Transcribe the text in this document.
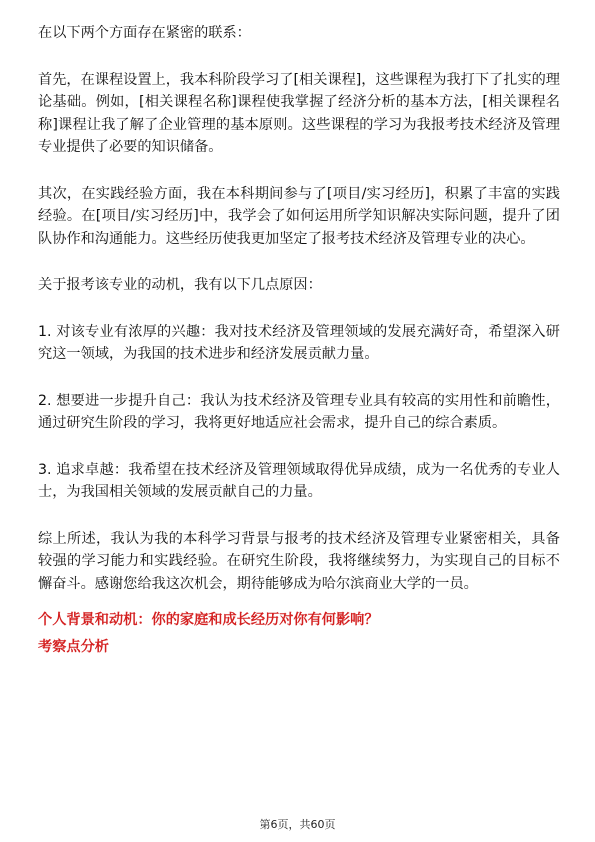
在以下两个方面存在紧密的联系：

首先，在课程设置上，我本科阶段学习了[相关课程]，这些课程为我打下了扎实的理论基础。例如，[相关课程名称]课程使我掌握了经济分析的基本方法，[相关课程名称]课程让我了解了企业管理的基本原则。这些课程的学习为我报考技术经济及管理专业提供了必要的知识储备。

其次，在实践经验方面，我在本科期间参与了[项目/实习经历]，积累了丰富的实践经验。在[项目/实习经历]中，我学会了如何运用所学知识解决实际问题，提升了团队协作和沟通能力。这些经历使我更加坚定了报考技术经济及管理专业的决心。

关于报考该专业的动机，我有以下几点原因：

1. 对该专业有浓厚的兴趣：我对技术经济及管理领域的发展充满好奇，希望深入研究这一领域，为我国的技术进步和经济发展贡献力量。

2. 想要进一步提升自己：我认为技术经济及管理专业具有较高的实用性和前瞻性，通过研究生阶段的学习，我将更好地适应社会需求，提升自己的综合素质。

3. 追求卓越：我希望在技术经济及管理领域取得优异成绩，成为一名优秀的专业人士，为我国相关领域的发展贡献自己的力量。

综上所述，我认为我的本科学习背景与报考的技术经济及管理专业紧密相关，具备较强的学习能力和实践经验。在研究生阶段，我将继续努力，为实现自己的目标不懈奋斗。感谢您给我这次机会，期待能够成为哈尔滨商业大学的一员。

个人背景和动机：你的家庭和成长经历对你有何影响？

考察点分析

第6页，共60页
